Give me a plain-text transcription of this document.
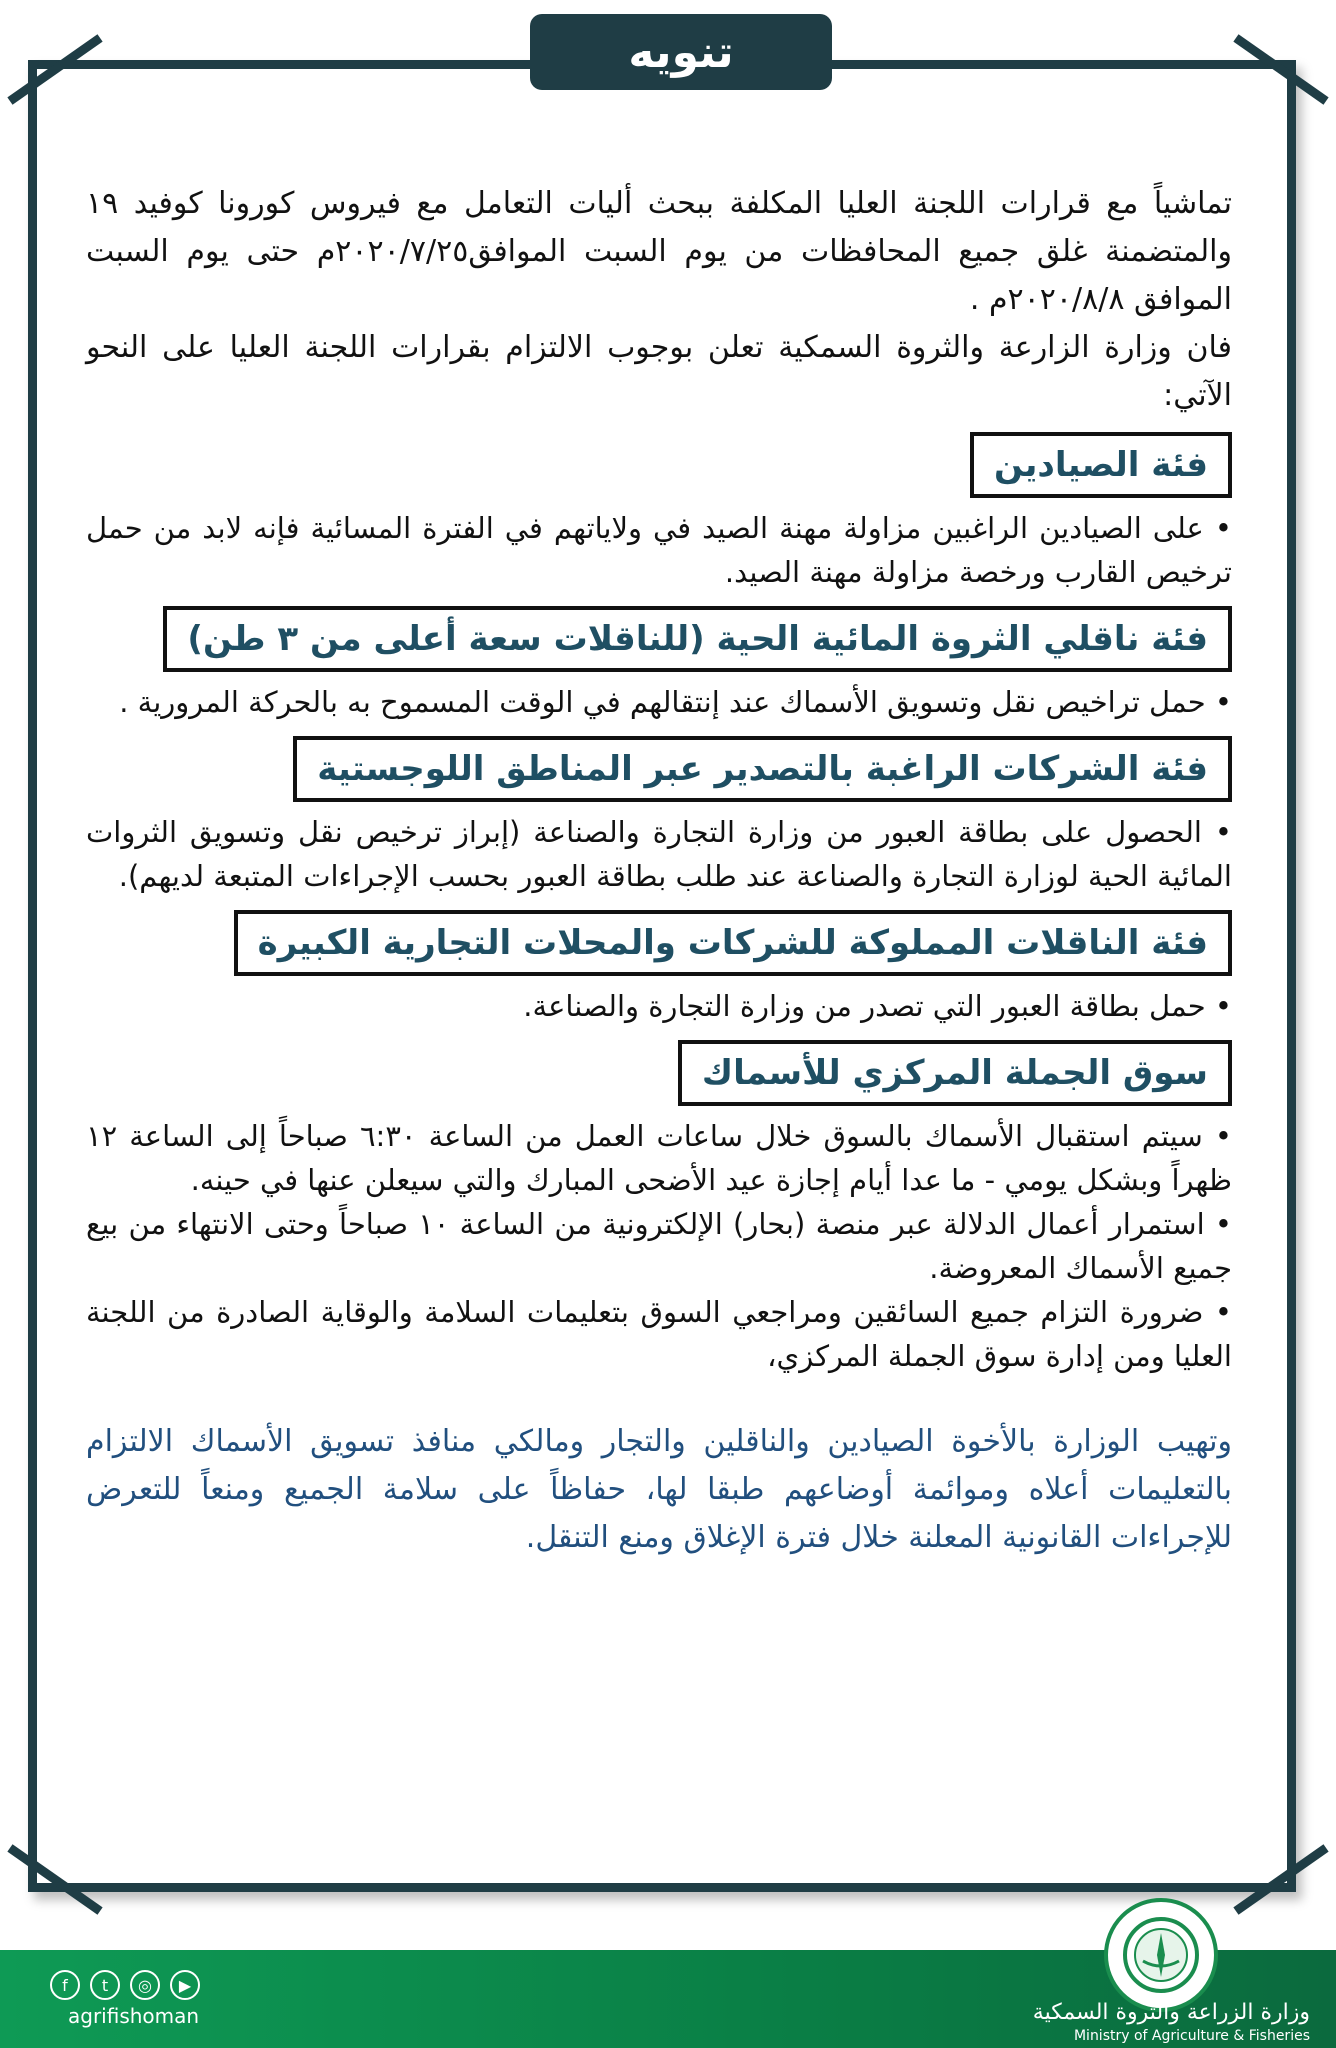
تنويه

تماشياً مع قرارات اللجنة العليا المكلفة ببحث أليات التعامل مع فيروس كورونا كوفيد ١٩ والمتضمنة غلق جميع المحافظات من يوم السبت الموافق٢٠٢٠/٧/٢٥م حتى يوم السبت الموافق ٢٠٢٠/٨/٨م .

فان وزارة الزارعة والثروة السمكية تعلن بوجوب الالتزام بقرارات اللجنة العليا على النحو الآتي:

فئة الصيادين

• على الصيادين الراغبين مزاولة مهنة الصيد في ولاياتهم في الفترة المسائية فإنه لابد من حمل ترخيص القارب ورخصة مزاولة مهنة الصيد.

فئة ناقلي الثروة المائية الحية (للناقلات سعة أعلى من ٣ طن)

• حمل تراخيص نقل وتسويق الأسماك عند إنتقالهم في الوقت المسموح به بالحركة المرورية .

فئة الشركات الراغبة بالتصدير عبر المناطق اللوجستية

• الحصول على بطاقة العبور من وزارة التجارة والصناعة (إبراز ترخيص نقل وتسويق الثروات المائية الحية لوزارة التجارة والصناعة عند طلب بطاقة العبور بحسب الإجراءات المتبعة لديهم).

فئة الناقلات المملوكة للشركات والمحلات التجارية الكبيرة

• حمل بطاقة العبور التي تصدر من وزارة التجارة والصناعة.

سوق الجملة المركزي للأسماك

• سيتم استقبال الأسماك بالسوق خلال ساعات العمل من الساعة ٦:٣٠ صباحاً إلى الساعة ١٢ ظهراً وبشكل يومي - ما عدا أيام إجازة عيد الأضحى المبارك والتي سيعلن عنها في حينه.

• استمرار أعمال الدلالة عبر منصة (بحار) الإلكترونية من الساعة ١٠ صباحاً وحتى الانتهاء من بيع جميع الأسماك المعروضة.

• ضرورة التزام جميع السائقين ومراجعي السوق بتعليمات السلامة والوقاية الصادرة من اللجنة العليا ومن إدارة سوق الجملة المركزي،

وتهيب الوزارة بالأخوة الصيادين والناقلين والتجار ومالكي منافذ تسويق الأسماك الالتزام بالتعليمات أعلاه وموائمة أوضاعهم طبقا لها، حفاظاً على سلامة الجميع ومنعاً للتعرض للإجراءات القانونية المعلنة خلال فترة الإغلاق ومنع التنقل.

وزارة الزراعة والثروة السمكية
Ministry of Agriculture & Fisheries
f	t	◎	▶
agrifishoman
